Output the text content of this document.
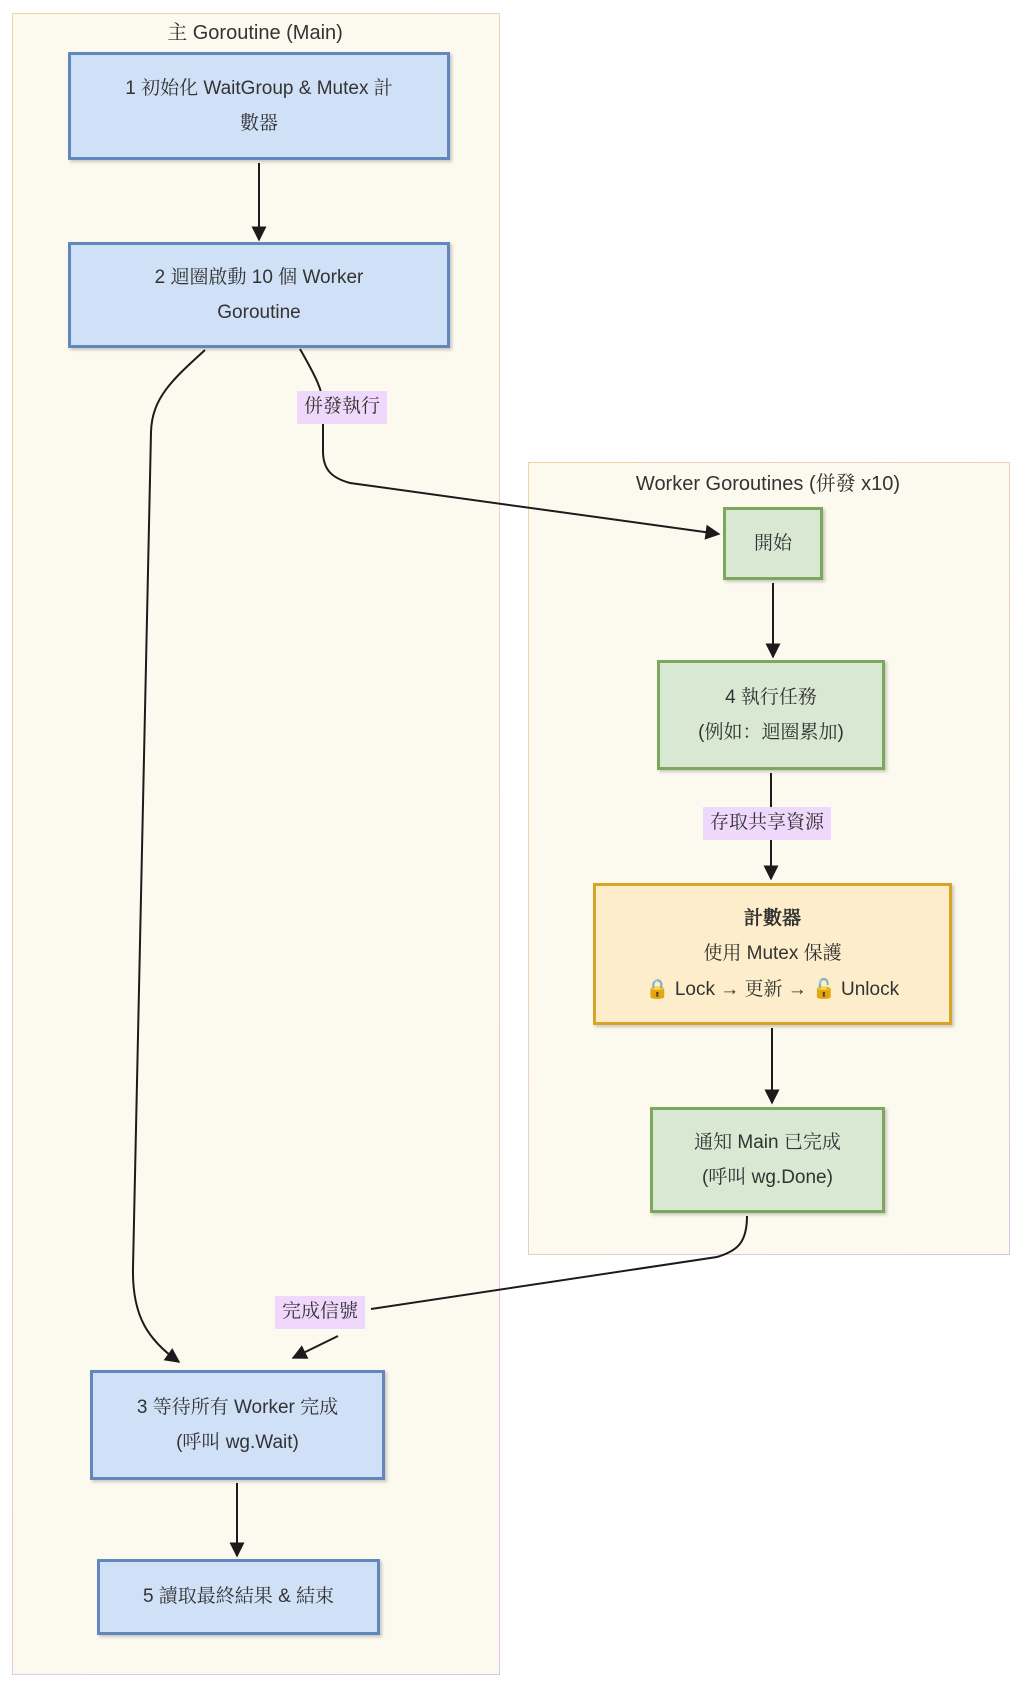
主 Goroutine (Main)
Worker Goroutines (併發 x10)
併發執行
存取共享資源
完成信號
1 初始化 WaitGroup & Mutex 計數器
2 迴圈啟動 10 個 Worker Goroutine
3 等待所有 Worker 完成
(呼叫 wg.Wait)
5 讀取最終結果 & 結束
開始
4 執行任務
(例如：迴圈累加)
計數器
使用 Mutex 保護
🔒 Lock → 更新 → 🔓 Unlock
通知 Main 已完成
(呼叫 wg.Done)
